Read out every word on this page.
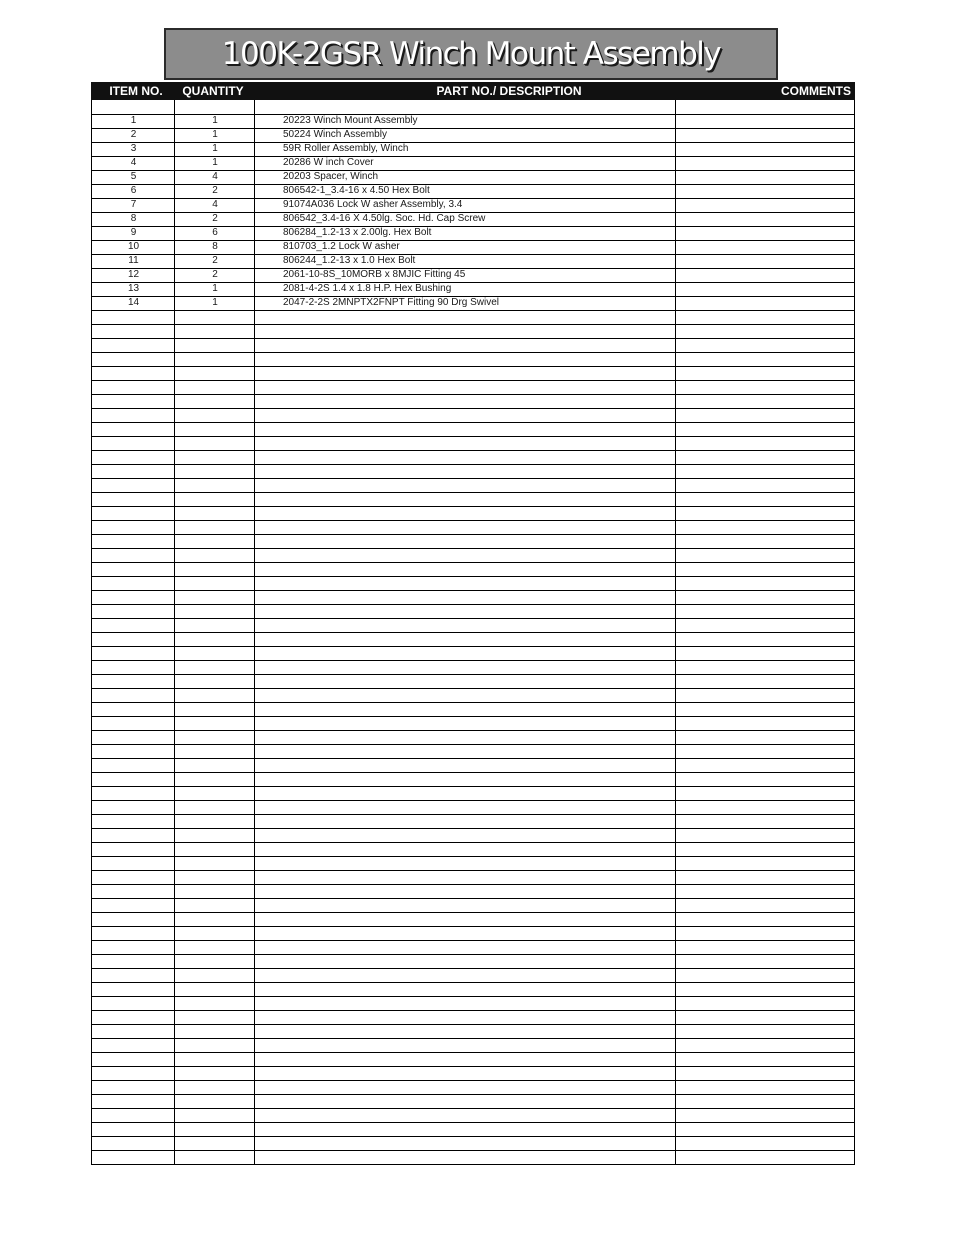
100K-2GSR Winch Mount Assembly
ITEM NO.	QUANTITY	PART NO./ DESCRIPTION	COMMENTS
1	1	20223 Winch Mount Assembly
2	1	50224 Winch Assembly
3	1	59R Roller Assembly, Winch
4	1	20286 W inch Cover
5	4	20203 Spacer, Winch
6	2	806542-1_3.4-16 x 4.50 Hex Bolt
7	4	91074A036 Lock W asher Assembly, 3.4
8	2	806542_3.4-16 X 4.50lg. Soc. Hd. Cap Screw
9	6	806284_1.2-13 x 2.00lg. Hex Bolt
10	8	810703_1.2 Lock W asher
11	2	806244_1.2-13 x 1.0 Hex Bolt
12	2	2061-10-8S_10MORB x 8MJIC Fitting 45
13	1	2081-4-2S 1.4 x 1.8 H.P. Hex Bushing
14	1	2047-2-2S 2MNPTX2FNPT Fitting 90 Drg Swivel
